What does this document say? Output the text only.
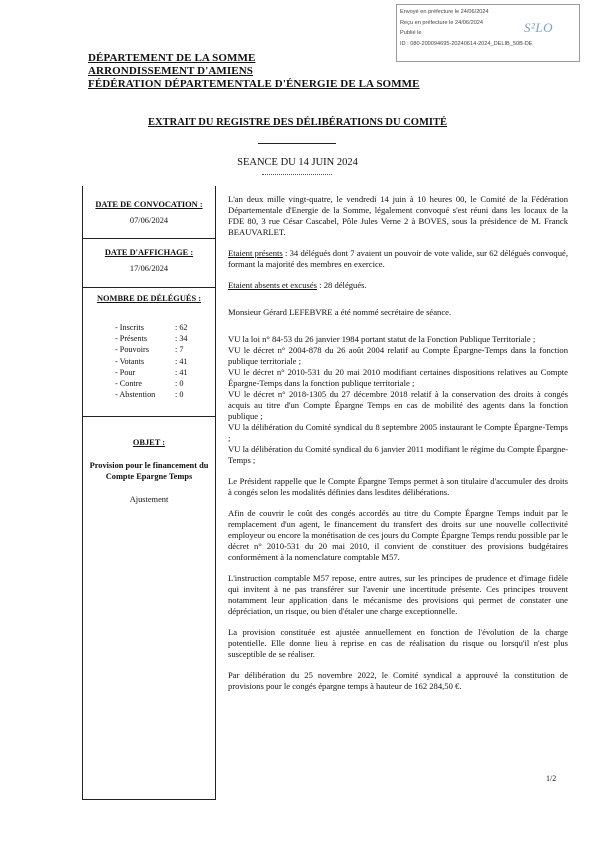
Envoyé en préfecture le 24/06/2024
Reçu en préfecture le 24/06/2024
Publié le
ID : 080-200094695-20240614-2024_DELIB_50B-DE
S²LO
DÉPARTEMENT DE LA SOMME
ARRONDISSEMENT D'AMIENS
FÉDÉRATION DÉPARTEMENTALE D'ÉNERGIE DE LA SOMME
EXTRAIT DU REGISTRE DES DÉLIBÉRATIONS DU COMITÉ
SEANCE DU 14 JUIN 2024
DATE DE CONVOCATION :
07/06/2024
DATE D'AFFICHAGE :
17/06/2024
NOMBRE DE DÉLÉGUÉS :
- Inscrits	: 62
- Présents	: 34
- Pouvoirs	: 7
- Votants	: 41
- Pour	: 41
- Contre	: 0
- Abstention	: 0
OBJET :
Provision pour le financement du Compte Epargne Temps
Ajustement

L'an deux mille vingt-quatre, le vendredi 14 juin à 10 heures 00, le Comité de la Fédération Départementale d'Energie de la Somme, légalement convoqué s'est réuni dans les locaux de la FDE 80, 3 rue César Cascabel, Pôle Jules Verne 2 à BOVES, sous la présidence de M. Franck BEAUVARLET.

Etaient présents : 34 délégués dont 7 avaient un pouvoir de vote valide, sur 62 délégués convoqué, formant la majorité des membres en exercice.

Etaient absents et excusés : 28 délégués.

Monsieur Gérard LEFEBVRE a été nommé secrétaire de séance.

VU la loi n° 84-53 du 26 janvier 1984 portant statut de la Fonction Publique Territoriale ;

VU le décret n° 2004-878 du 26 août 2004 relatif au Compte Épargne-Temps dans la fonction publique territoriale ;

VU le décret n° 2010-531 du 20 mai 2010 modifiant certaines dispositions relatives au Compte Épargne-Temps dans la fonction publique territoriale ;

VU le décret n° 2018-1305 du 27 décembre 2018 relatif à la conservation des droits à congés acquis au titre d'un Compte Épargne Temps en cas de mobilité des agents dans la fonction publique ;

VU la délibération du Comité syndical du 8 septembre 2005 instaurant le Compte Épargne-Temps ;

VU la délibération du Comité syndical du 6 janvier 2011 modifiant le régime du Compte Épargne-Temps ;

Le Président rappelle que le Compte Épargne Temps permet à son titulaire d'accumuler des droits à congés selon les modalités définies dans lesdites délibérations.

Afin de couvrir le coût des congés accordés au titre du Compte Épargne Temps induit par le remplacement d'un agent, le financement du transfert des droits sur une nouvelle collectivité employeur ou encore la monétisation de ces jours du Compte Épargne Temps rendu possible par le décret n° 2010-531 du 20 mai 2010, il convient de constituer des provisions budgétaires conformément à la nomenclature comptable M57.

L'instruction comptable M57 repose, entre autres, sur les principes de prudence et d'image fidèle qui invitent à ne pas transférer sur l'avenir une incertitude présente. Ces principes trouvent notamment leur application dans le mécanisme des provisions qui permet de constater une dépréciation, un risque, ou bien d'étaler une charge exceptionnelle.

La provision constituée est ajustée annuellement en fonction de l'évolution de la charge potentielle. Elle donne lieu à reprise en cas de réalisation du risque ou lorsqu'il n'est plus susceptible de se réaliser.

Par délibération du 25 novembre 2022, le Comité syndical a approuvé la constitution de provisions pour le congés épargne temps à hauteur de 162 284,50 €.

1/2
